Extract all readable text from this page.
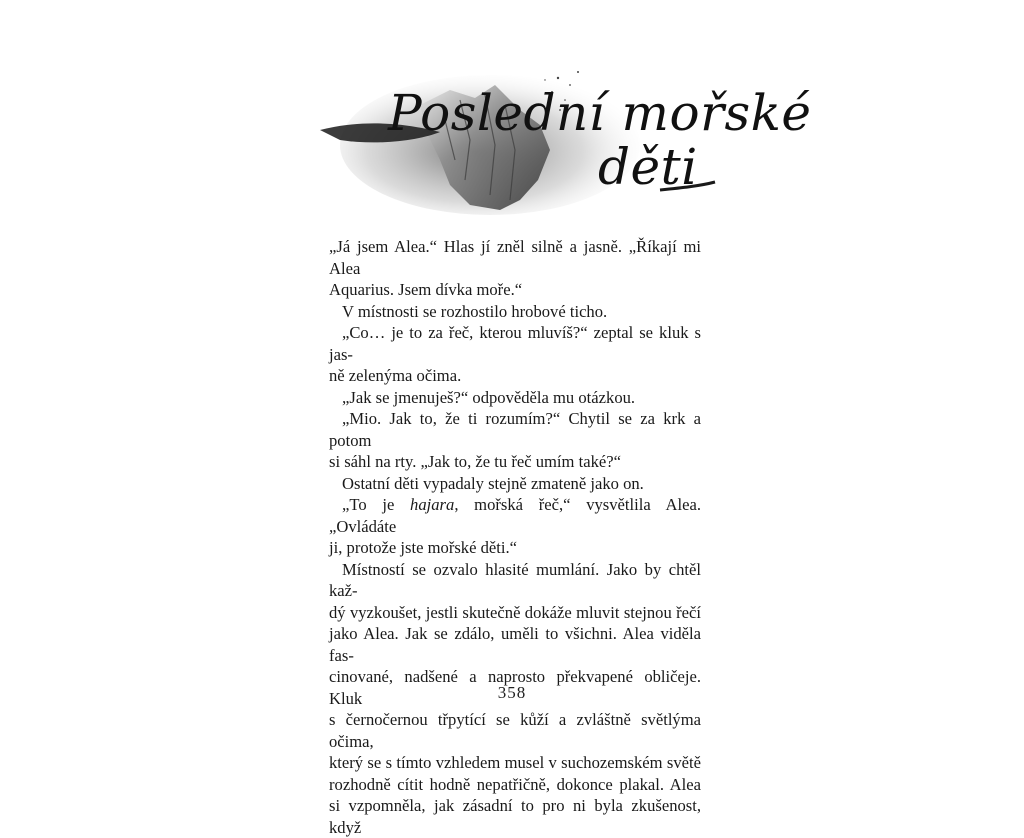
Poslední mořské
děti
„Já jsem Alea.“ Hlas jí zněl silně a jasně. „Říkají mi Alea
Aquarius. Jsem dívka moře.“
V místnosti se rozhostilo hrobové ticho.
„Co… je to za řeč, kterou mluvíš?“ zeptal se kluk s jas-
ně zelenýma očima.
„Jak se jmenuješ?“ odpověděla mu otázkou.
„Mio. Jak to, že ti rozumím?“ Chytil se za krk a potom
si sáhl na rty. „Jak to, že tu řeč umím také?“
Ostatní děti vypadaly stejně zmateně jako on.
„To je hajara, mořská řeč,“ vysvětlila Alea. „Ovládáte
ji, protože jste mořské děti.“
Místností se ozvalo hlasité mumlání. Jako by chtěl kaž-
dý vyzkoušet, jestli skutečně dokáže mluvit stejnou řečí
jako Alea. Jak se zdálo, uměli to všichni. Alea viděla fas-
cinované, nadšené a naprosto překvapené obličeje. Kluk
s černočernou třpytící se kůží a zvláštně světlýma očima,
který se s tímto vzhledem musel v suchozemském světě
rozhodně cítit hodně nepatřičně, dokonce plakal. Alea
si vzpomněla, jak zásadní to pro ni byla zkušenost, když
358
